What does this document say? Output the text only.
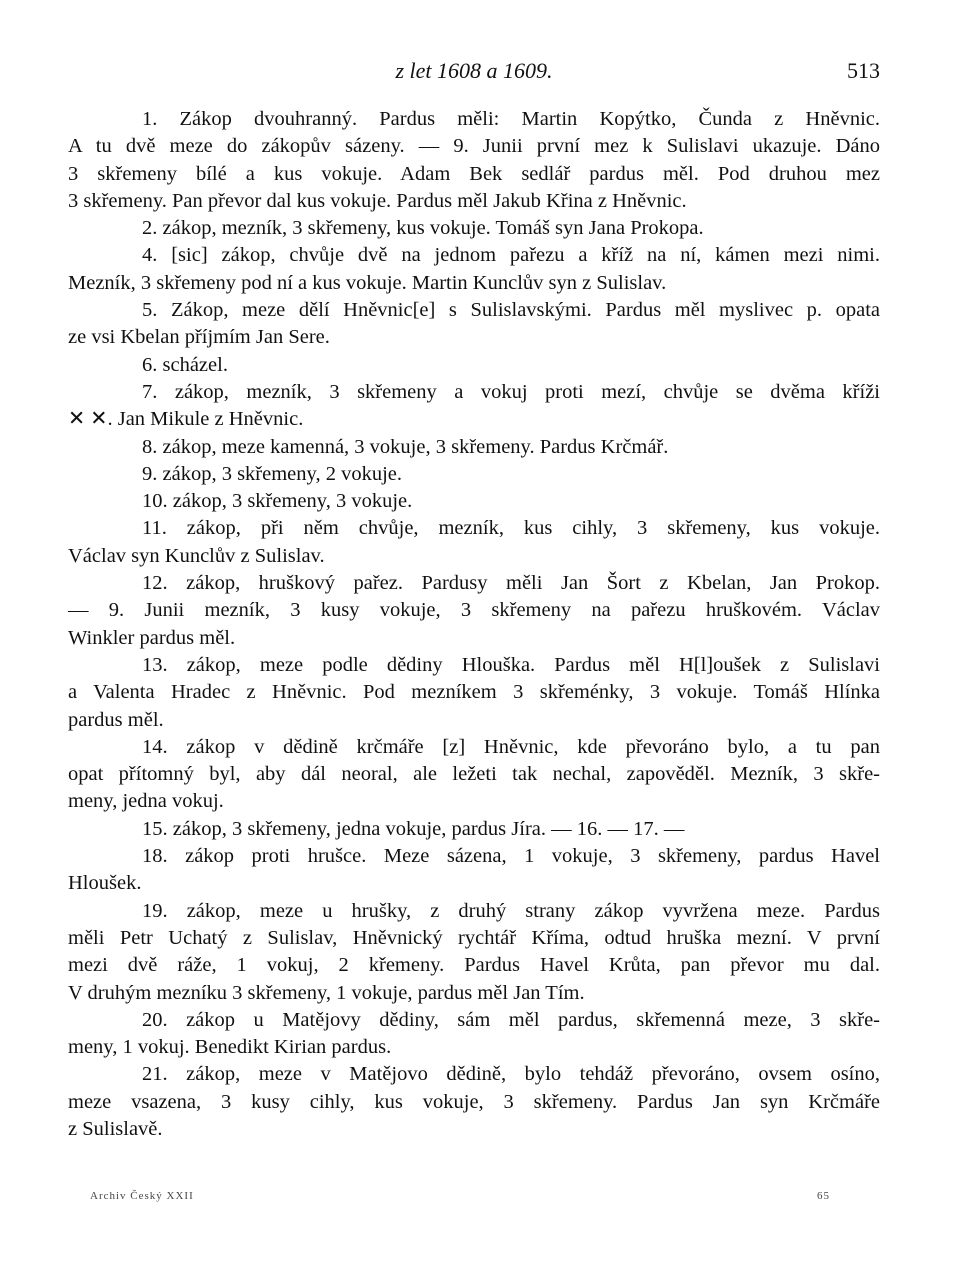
z let 1608 a 1609.	513
1. Zákop dvouhranný. Pardus měli: Martin Kopýtko, Čunda z Hněvnic.
A tu dvě meze do zákopův sázeny. — 9. Junii první mez k Sulislavi ukazuje. Dáno
3 skřemeny bílé a kus vokuje. Adam Bek sedlář pardus měl. Pod druhou mez
3 skřemeny. Pan převor dal kus vokuje. Pardus měl Jakub Křina z Hněvnic.
2. zákop, mezník, 3 skřemeny, kus vokuje. Tomáš syn Jana Prokopa.
4. [sic] zákop, chvůje dvě na jednom pařezu a kříž na ní, kámen mezi nimi.
Mezník, 3 skřemeny pod ní a kus vokuje. Martin Kunclův syn z Sulislav.
5. Zákop, meze dělí Hněvnic[e] s Sulislavskými. Pardus měl myslivec p. opata
ze vsi Kbelan příjmím Jan Sere.
6. scházel.
7. zákop, mezník, 3 skřemeny a vokuj proti mezí, chvůje se dvěma kříži
✕ ✕. Jan Mikule z Hněvnic.
8. zákop, meze kamenná, 3 vokuje, 3 skřemeny. Pardus Krčmář.
9. zákop, 3 skřemeny, 2 vokuje.
10. zákop, 3 skřemeny, 3 vokuje.
11. zákop, při něm chvůje, mezník, kus cihly, 3 skřemeny, kus vokuje.
Václav syn Kunclův z Sulislav.
12. zákop, hruškový pařez. Pardusy měli Jan Šort z Kbelan, Jan Prokop.
— 9. Junii mezník, 3 kusy vokuje, 3 skřemeny na pařezu hruškovém. Václav
Winkler pardus měl.
13. zákop, meze podle dědiny Hlouška. Pardus měl H[l]oušek z Sulislavi
a Valenta Hradec z Hněvnic. Pod mezníkem 3 skřeménky, 3 vokuje. Tomáš Hlínka
pardus měl.
14. zákop v dědině krčmáře [z] Hněvnic, kde převoráno bylo, a tu pan
opat přítomný byl, aby dál neoral, ale ležeti tak nechal, zapověděl. Mezník, 3 skře-
meny, jedna vokuj.
15. zákop, 3 skřemeny, jedna vokuje, pardus Jíra. — 16. — 17. —
18. zákop proti hrušce. Meze sázena, 1 vokuje, 3 skřemeny, pardus Havel
Hloušek.
19. zákop, meze u hrušky, z druhý strany zákop vyvržena meze. Pardus
měli Petr Uchatý z Sulislav, Hněvnický rychtář Kříma, odtud hruška mezní. V první
mezi dvě ráže, 1 vokuj, 2 křemeny. Pardus Havel Krůta, pan převor mu dal.
V druhým mezníku 3 skřemeny, 1 vokuje, pardus měl Jan Tím.
20. zákop u Matějovy dědiny, sám měl pardus, skřemenná meze, 3 skře-
meny, 1 vokuj. Benedikt Kirian pardus.
21. zákop, meze v Matějovo dědině, bylo tehdáž převoráno, ovsem osíno,
meze vsazena, 3 kusy cihly, kus vokuje, 3 skřemeny. Pardus Jan syn Krčmáře
z Sulislavě.
Archiv Český XXII	65
